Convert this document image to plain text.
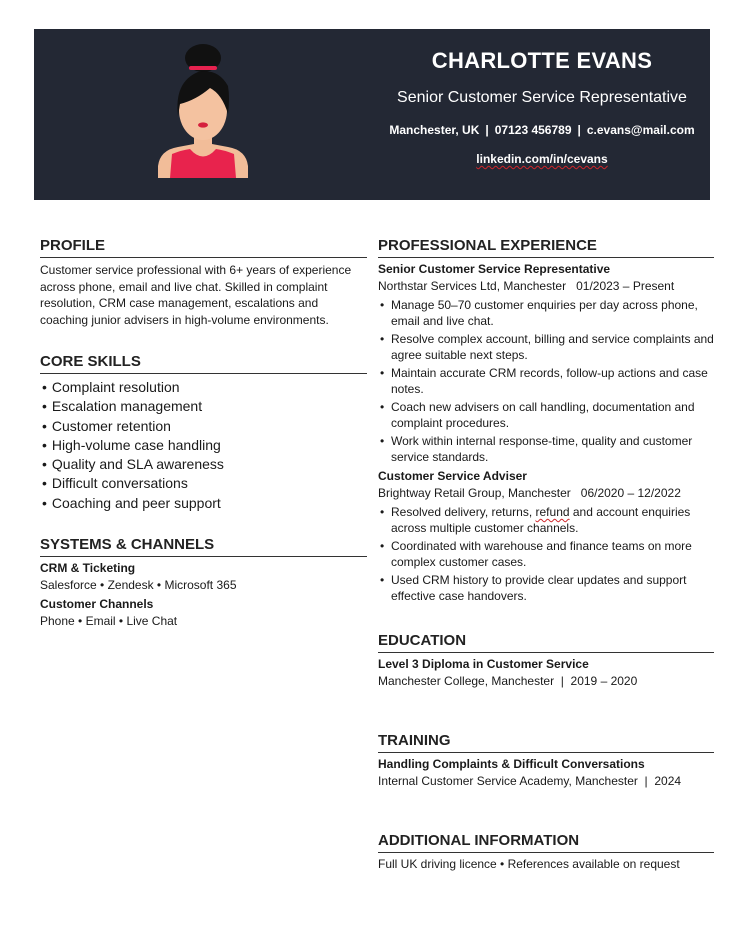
CHARLOTTE EVANS
Senior Customer Service Representative
Manchester, UK | 07123 456789 | c.evans@mail.com
linkedin.com/in/cevans
PROFILE
Customer service professional with 6+ years of experience across phone, email and live chat. Skilled in complaint resolution, CRM case management, escalations and coaching junior advisers in high-volume environments.
CORE SKILLS
• Complaint resolution
• Escalation management
• Customer retention
• High-volume case handling
• Quality and SLA awareness
• Difficult conversations
• Coaching and peer support
SYSTEMS & CHANNELS
CRM & Ticketing
Salesforce • Zendesk • Microsoft 365
Customer Channels
Phone • Email • Live Chat
PROFESSIONAL EXPERIENCE
Senior Customer Service Representative
Northstar Services Ltd, Manchester 01/2023 – Present
• Manage 50–70 customer enquiries per day across phone, email and live chat.
• Resolve complex account, billing and service complaints and agree suitable next steps.
• Maintain accurate CRM records, follow-up actions and case notes.
• Coach new advisers on call handling, documentation and complaint procedures.
• Work within internal response-time, quality and customer service standards.
Customer Service Adviser
Brightway Retail Group, Manchester 06/2020 – 12/2022
• Resolved delivery, returns, refund and account enquiries across multiple customer channels.
• Coordinated with warehouse and finance teams on more complex customer cases.
• Used CRM history to provide clear updates and support effective case handovers.
EDUCATION
Level 3 Diploma in Customer Service
Manchester College, Manchester  |  2019 – 2020
TRAINING
Handling Complaints & Difficult Conversations
Internal Customer Service Academy, Manchester  |  2024
ADDITIONAL INFORMATION
Full UK driving licence • References available on request
